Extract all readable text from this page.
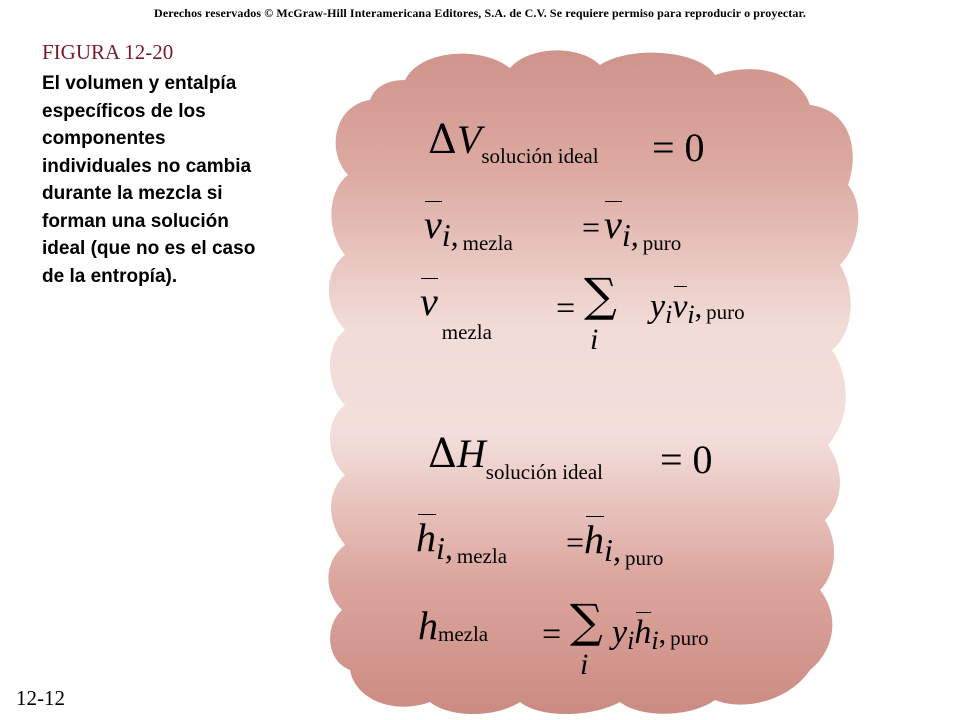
Derechos reservados © McGraw-Hill Interamericana Editores, S.A. de C.V. Se requiere permiso para reproducir o proyectar.
FIGURA 12-20
El volumen y entalpía específicos de los componentes individuales no cambia durante la mezcla si forman una solución ideal (que no es el caso de la entropía).
12-12
ΔVsolución ideal = 0
vi, mezla = vi, puro
vmezla
= ∑
i
yivi, puro
ΔHsolución ideal = 0
hi, mezla =hi, puro
hmezla = ∑
i
yihi, puro
